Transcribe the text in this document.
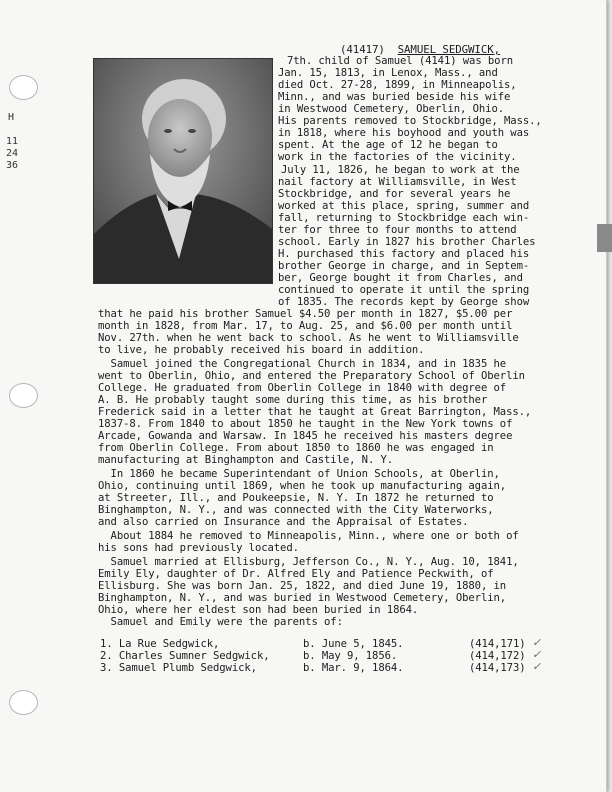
H
11
24
36
(41417) SAMUEL SEDGWICK,
7th. child of Samuel (4141) was born
Jan. 15, 1813, in Lenox, Mass., and
died Oct. 27-28, 1899, in Minneapolis,
Minn., and was buried beside his wife
in Westwood Cemetery, Oberlin, Ohio.
His parents removed to Stockbridge, Mass.,
in 1818, where his boyhood and youth was
spent. At the age of 12 he began to
work in the factories of the vicinity.
July 11, 1826, he began to work at the
nail factory at Williamsville, in West
Stockbridge, and for several years he
worked at this place, spring, summer and
fall, returning to Stockbridge each win-
ter for three to four months to attend
school. Early in 1827 his brother Charles
H. purchased this factory and placed his
brother George in charge, and in Septem-
ber, George bought it from Charles, and
continued to operate it until the spring
of 1835. The records kept by George show
that he paid his brother Samuel $4.50 per month in 1827, $5.00 per
month in 1828, from Mar. 17, to Aug. 25, and $6.00 per month until
Nov. 27th. when he went back to school. As he went to Williamsville
to live, he probably received his board in addition.
Samuel joined the Congregational Church in 1834, and in 1835 he
went to Oberlin, Ohio, and entered the Preparatory School of Oberlin
College. He graduated from Oberlin College in 1840 with degree of
A. B. He probably taught some during this time, as his brother
Frederick said in a letter that he taught at Great Barrington, Mass.,
1837-8. From 1840 to about 1850 he taught in the New York towns of
Arcade, Gowanda and Warsaw. In 1845 he received his masters degree
from Oberlin College. From about 1850 to 1860 he was engaged in
manufacturing at Binghampton and Castile, N. Y.
In 1860 he became Superintendant of Union Schools, at Oberlin,
Ohio, continuing until 1869, when he took up manufacturing again,
at Streeter, Ill., and Poukeepsie, N. Y. In 1872 he returned to
Binghampton, N. Y., and was connected with the City Waterworks,
and also carried on Insurance and the Appraisal of Estates.
About 1884 he removed to Minneapolis, Minn., where one or both of
his sons had previously located.
Samuel married at Ellisburg, Jefferson Co., N. Y., Aug. 10, 1841,
Emily Ely, daughter of Dr. Alfred Ely and Patience Peckwith, of
Ellisburg. She was born Jan. 25, 1822, and died June 19, 1880, in
Binghampton, N. Y., and was buried in Westwood Cemetery, Oberlin,
Ohio, where her eldest son had been buried in 1864.
Samuel and Emily were the parents of:
1. La Rue Sedgwick,	b. June 5, 1845.	(414,171) ✓
2. Charles Sumner Sedgwick,	b. May 9, 1856.	(414,172) ✓
3. Samuel Plumb Sedgwick,	b. Mar. 9, 1864.	(414,173) ✓
